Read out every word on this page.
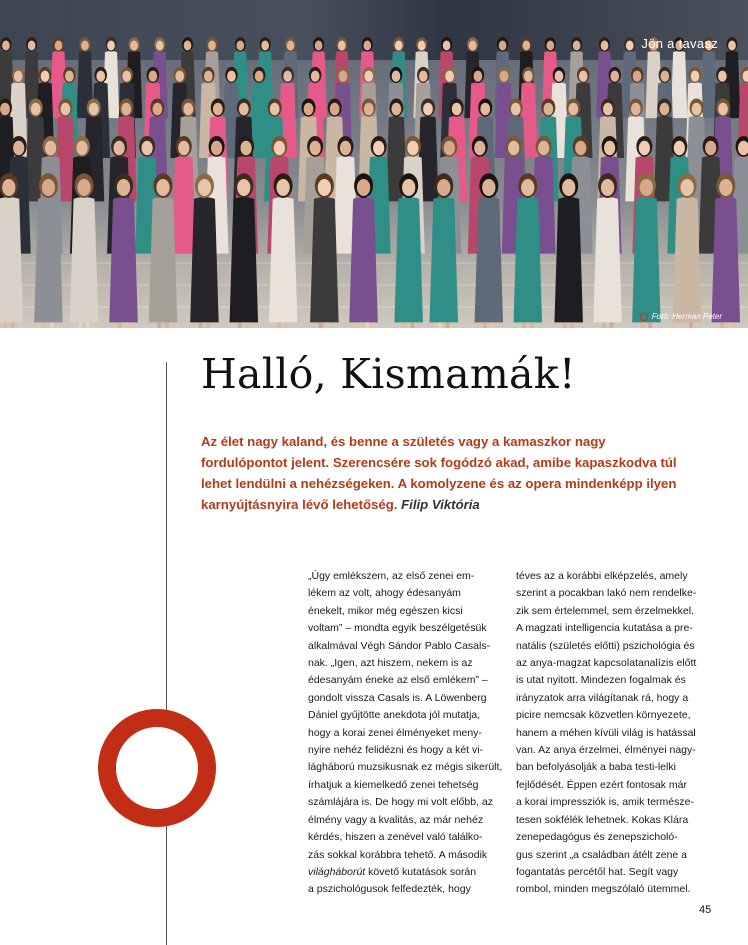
Jön a tavasz
Fotó: Herman Péter
Halló, Kismamák!

Az élet nagy kaland, és benne a születés vagy a kamaszkor nagy fordulópontot jelent. Szerencsére sok fogódzó akad, amibe kapaszkodva túl lehet lendülni a nehézségeken. A komolyzene és az opera mindenképp ilyen karnyújtásnyira lévő lehetőség. Filip Viktória

„Úgy emlékszem, az első zenei em-
lékem az volt, ahogy édesanyám
énekelt, mikor még egészen kicsi
voltam” – mondta egyik beszélgetésük
alkalmával Végh Sándor Pablo Casals-
nak. „Igen, azt hiszem, nekem is az
édesanyám éneke az első emlékem” –
gondolt vissza Casals is. A Löwenberg
Dániel gyűjtötte anekdota jól mutatja,
hogy a korai zenei élményeket meny-
nyire nehéz felidézni és hogy a két vi-
lágháború muzsikusnak ez mégis sikerült,
írhatjuk a kiemelkedő zenei tehetség
számlájára is. De hogy mi volt előbb, az
élmény vagy a kvalitás, az már nehéz
kérdés, hiszen a zenével való találko-
zás sokkal korábbra tehető. A második
világháborút követő kutatások során
a pszichológusok felfedezték, hogy
téves az a korábbi elképzelés, amely
szerint a pocakban lakó nem rendelke-
zik sem értelemmel, sem érzelmekkel.
A magzati intelligencia kutatása a pre-
natális (születés előtti) pszichológia és
az anya-magzat kapcsolatanalízis előtt
is utat nyitott. Mindezen fogalmak és
irányzatok arra világítanak rá, hogy a
picire nemcsak közvetlen környezete,
hanem a méhen kívüli világ is hatással
van. Az anya érzelmei, élményei nagy-
ban befolyásolják a baba testi-lelki
fejlődését. Éppen ezért fontosak már
a korai impressziók is, amik természe-
tesen sokfélék lehetnek. Kokas Klára
zenepedagógus és zenepszicholó-
gus szerint „a családban átélt zene a
fogantatás percétől hat. Segít vagy
rombol, minden megszólaló ütemmel.
45
